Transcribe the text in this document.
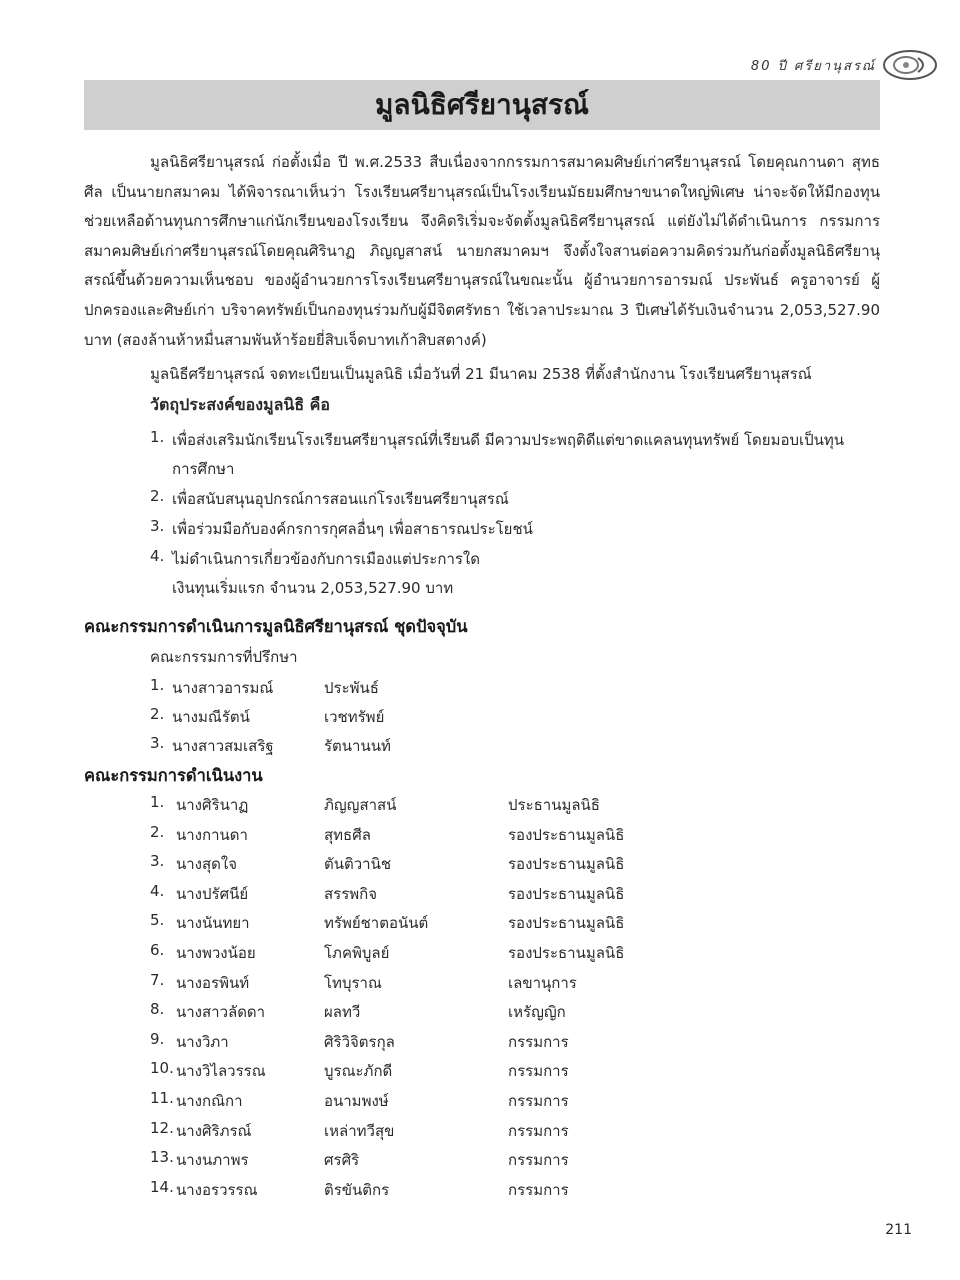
80 ปี ศรียานุสรณ์
มูลนิธิศรียานุสรณ์

มูลนิธิศรียานุสรณ์ ก่อตั้งเมื่อ ปี พ.ศ.2533 สืบเนื่องจากกรรมการสมาคมศิษย์เก่าศรียานุสรณ์ โดยคุณกานดา สุทธศีล เป็นนายกสมาคม ได้พิจารณาเห็นว่า โรงเรียนศรียานุสรณ์เป็นโรงเรียนมัธยมศึกษาขนาดใหญ่พิเศษ น่าจะจัดให้มีกองทุนช่วยเหลือด้านทุนการศึกษาแก่นักเรียนของโรงเรียน จึงคิดริเริ่มจะจัดตั้งมูลนิธิศรียานุสรณ์ แต่ยังไม่ได้ดำเนินการ กรรมการสมาคมศิษย์เก่าศรียานุสรณ์โดยคุณศิรินาฏ ภิญญสาสน์ นายกสมาคมฯ จึงตั้งใจสานต่อความคิดร่วมกันก่อตั้งมูลนิธิศรียานุสรณ์ขึ้นด้วยความเห็นชอบ ของผู้อำนวยการโรงเรียนศรียานุสรณ์ในขณะนั้น ผู้อำนวยการอารมณ์ ประพันธ์ ครูอาจารย์ ผู้ปกครองและศิษย์เก่า บริจาคทรัพย์เป็นกองทุนร่วมกับผู้มีจิตศรัทธา ใช้เวลาประมาณ 3 ปีเศษได้รับเงินจำนวน 2,053,527.90 บาท (สองล้านห้าหมื่นสามพันห้าร้อยยี่สิบเจ็ดบาทเก้าสิบสตางค์)

มูลนิธีศรียานุสรณ์ จดทะเบียนเป็นมูลนิธิ เมื่อวันที่ 21 มีนาคม 2538 ที่ตั้งสำนักงาน โรงเรียนศรียานุสรณ์
วัตถุประสงค์ของมูลนิธิ คือ
1. เพื่อส่งเสริมนักเรียนโรงเรียนศรียานุสรณ์ที่เรียนดี มีความประพฤติดีแต่ขาดแคลนทุนทรัพย์ โดยมอบเป็นทุน
การศึกษา
2. เพื่อสนับสนุนอุปกรณ์การสอนแก่โรงเรียนศรียานุสรณ์
3. เพื่อร่วมมือกับองค์กรการกุศลอื่นๆ เพื่อสาธารณประโยชน์
4. ไม่ดำเนินการเกี่ยวข้องกับการเมืองแต่ประการใด
เงินทุนเริ่มแรก จำนวน 2,053,527.90 บาท
คณะกรรมการดำเนินการมูลนิธิศรียานุสรณ์ ชุดปัจจุบัน
คณะกรรมการที่ปรึกษา
1. นางสาวอารมณ์	ประพันธ์
2. นางมณีรัตน์	เวชทรัพย์
3. นางสาวสมเสริฐ	รัตนานนท์
คณะกรรมการดำเนินงาน
1. นางศิรินาฏ	ภิญญสาสน์	ประธานมูลนิธิ
2. นางกานดา	สุทธศีล	รองประธานมูลนิธิ
3. นางสุดใจ	ตันติวานิช	รองประธานมูลนิธิ
4. นางปรัศนีย์	สรรพกิจ	รองประธานมูลนิธิ
5. นางนันทยา	ทรัพย์ชาตอนันต์	รองประธานมูลนิธิ
6. นางพวงน้อย	โภคพิบูลย์	รองประธานมูลนิธิ
7. นางอรพินท์	โทบุราณ	เลขานุการ
8. นางสาวลัดดา	ผลทวี	เหรัญญิก
9. นางวิภา	ศิริวิจิตรกุล	กรรมการ
10. นางวิไลวรรณ	บูรณะภักดี	กรรมการ
11. นางกณิกา	อนามพงษ์	กรรมการ
12. นางศิริภรณ์	เหล่าทวีสุข	กรรมการ
13. นางนภาพร	ศรศิริ	กรรมการ
14. นางอรวรรณ	ติรขันติกร	กรรมการ
211
